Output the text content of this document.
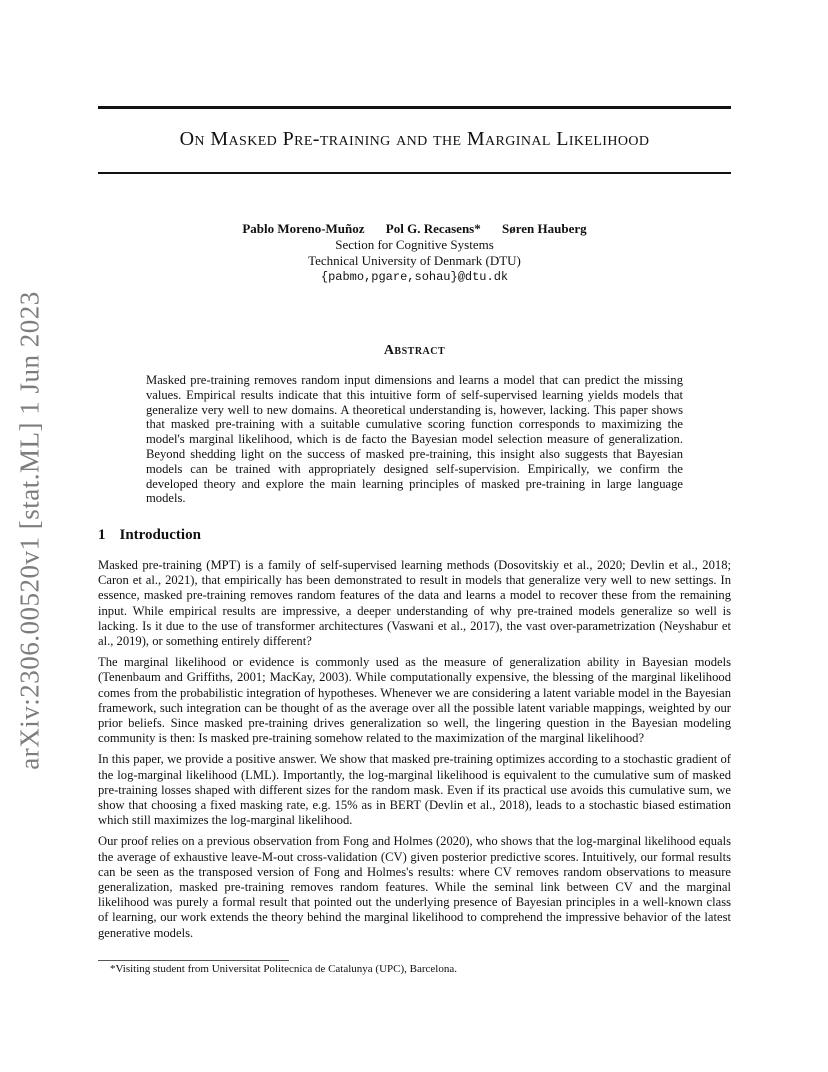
arXiv:2306.00520v1 [stat.ML] 1 Jun 2023
On Masked Pre-training and the Marginal Likelihood
Pablo Moreno-Muñoz Pol G. Recasens* Søren Hauberg
Section for Cognitive Systems
Technical University of Denmark (DTU)
{pabmo,pgare,sohau}@dtu.dk
Abstract

Masked pre-training removes random input dimensions and learns a model that can predict the missing values. Empirical results indicate that this intuitive form of self-supervised learning yields models that generalize very well to new domains. A theoretical understanding is, however, lacking. This paper shows that masked pre-training with a suitable cumulative scoring function corresponds to maximizing the model's marginal likelihood, which is de facto the Bayesian model selection measure of generalization. Beyond shedding light on the success of masked pre-training, this insight also suggests that Bayesian models can be trained with appropriately designed self-supervision. Empirically, we confirm the developed theory and explore the main learning principles of masked pre-training in large language models.

1 Introduction

Masked pre-training (MPT) is a family of self-supervised learning methods (Dosovitskiy et al., 2020; Devlin et al., 2018; Caron et al., 2021), that empirically has been demonstrated to result in models that generalize very well to new settings. In essence, masked pre-training removes random features of the data and learns a model to recover these from the remaining input. While empirical results are impressive, a deeper understanding of why pre-trained models generalize so well is lacking. Is it due to the use of transformer architectures (Vaswani et al., 2017), the vast over-parametrization (Neyshabur et al., 2019), or something entirely different?

The marginal likelihood or evidence is commonly used as the measure of generalization ability in Bayesian models (Tenenbaum and Griffiths, 2001; MacKay, 2003). While computationally expensive, the blessing of the marginal likelihood comes from the probabilistic integration of hypotheses. Whenever we are considering a latent variable model in the Bayesian framework, such integration can be thought of as the average over all the possible latent variable mappings, weighted by our prior beliefs. Since masked pre-training drives generalization so well, the lingering question in the Bayesian modeling community is then: Is masked pre-training somehow related to the maximization of the marginal likelihood?

In this paper, we provide a positive answer. We show that masked pre-training optimizes according to a stochastic gradient of the log-marginal likelihood (LML). Importantly, the log-marginal likelihood is equivalent to the cumulative sum of masked pre-training losses shaped with different sizes for the random mask. Even if its practical use avoids this cumulative sum, we show that choosing a fixed masking rate, e.g. 15% as in BERT (Devlin et al., 2018), leads to a stochastic biased estimation which still maximizes the log-marginal likelihood.

Our proof relies on a previous observation from Fong and Holmes (2020), who shows that the log-marginal likelihood equals the average of exhaustive leave-M-out cross-validation (CV) given posterior predictive scores. Intuitively, our formal results can be seen as the transposed version of Fong and Holmes's results: where CV removes random observations to measure generalization, masked pre-training removes random features. While the seminal link between CV and the marginal likelihood was purely a formal result that pointed out the underlying presence of Bayesian principles in a well-known class of learning, our work extends the theory behind the marginal likelihood to comprehend the impressive behavior of the latest generative models.

*Visiting student from Universitat Politecnica de Catalunya (UPC), Barcelona.
